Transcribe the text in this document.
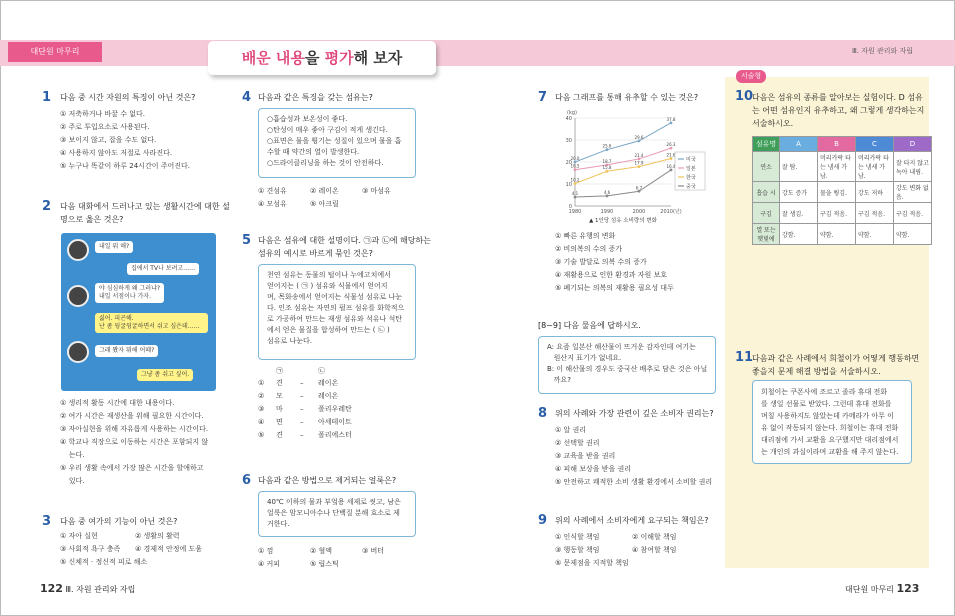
대단원 마무리	배운 내용을 평가해 보자	Ⅲ. 자원 관리와 자립
1 다음 중 시간 자원의 특징이 아닌 것은?
① 저축하거나 바꿀 수 없다.
② 주로 투입요소로 사용된다.
③ 보이지 않고, 잡을 수도 없다.
④ 사용하지 않아도 저절로 사라진다.
⑤ 누구나 똑같이 하루 24시간이 주어진다.
2 다음 대화에서 드러나고 있는 생활시간에 대한 설
명으로 옳은 것은?
내일 뭐 해?
집에서 TV나 보려고……
야 심심하게 왜 그러냐?
내일 서점이나 가자.
싫어. 피곤해.
난 좀 뒹굴뒹굴하면서 쉬고 싶은데……
그래 봤자 뭐해 어때?
그냥 좀 쉬고 싶어.
① 생리적 활동 시간에 대한 내용이다.
② 여가 시간은 재생산을 위해 필요한 시간이다.
③ 자아실현을 위해 자유롭게 사용하는 시간이다.
④ 학교나 직장으로 이동하는 시간은 포함되지 않
는다.
⑤ 우리 생활 속에서 가장 많은 시간을 할애하고
있다.
3 다음 중 여가의 기능이 아닌 것은?
① 자아 실현	② 생활의 활력
③ 사회적 욕구 충족 ④ 경제적 안정에 도움
⑤ 신체적 · 정신적 피로 해소
4 다음과 같은 특징을 갖는 섬유는?
○흡습성과 보온성이 좋다.
○탄성이 매우 좋아 구김이 적게 생긴다.
○표면은 물을 튕기는 성질이 있으며 물을 흡
수할 때 약간의 열이 발생한다.
○드라이클리닝을 하는 것이 안전하다.
① 견섬유	② 레이온	③ 마섬유
④ 모섬유	⑤ 아크릴
5 다음은 섬유에 대한 설명이다. ㉠과 ㉡에 해당하는
섬유의 예시로 바르게 묶인 것은?
천연 섬유는 동물의 털이나 누에고치에서
얻어지는 ( ㉠ ) 섬유와 식물에서 얻어지
며, 목화송에서 얻어지는 식물성 섬유로 나눈
다. 인조 섬유는 자연의 펄프 섬유를 화학적으
로 가공하여 만드는 재생 섬유와 석유나 석탄
에서 얻은 물질을 합성하여 만드는 ( ㉡ )
섬유로 나눈다.
㉠	㉡
① 견	레이온
–
② 모	레이온
–
③ 마	폴리우레탄
–
④ 면	아세테이트
–
⑤ 견	폴리에스터
–
6 다음과 같은 방법으로 제거되는 얼룩은?
40℃ 이하의 물과 부엌용 세제로 씻고, 남은
얼룩은 암모니아수나 단백질 분해 효소로 제
거한다.
① 껌	② 혈액	③ 버터
④ 커피	⑤ 립스틱
7 다음 그래프를 통해 유추할 수 있는 것은?
0
10
20
30
40
(kg)
1980	1990	2000	2010(년)
20.0
25.6
29.6
37.8
16.5
18.7
21.4
26.3
10.2
15.8
17.9
21.6
4.1	4.6
6.7
16.4
미국
일본
한국
중국
▲ 1인당 섬유 소비량의 변화
① 빠른 유행의 변화
② 비의복의 수의 증가
③ 기술 발달로 의복 수의 증가
④ 재활용으로 인한 환경과 자원 보호
⑤ 폐기되는 의복의 재활용 필요성 대두
[8~9] 다음 물음에 답하시오.
A: 요즘 일본산 해산물이 뜨거운 감자인데 여기는
원산지 표기가 없네요.
B: 이 해산물의 경우도 중국산 배추로 담은 것은 아닐
까요?
8 위의 사례와 가장 관련이 깊은 소비자 권리는?
① 알 권리
② 선택할 권리
③ 교육을 받을 권리
④ 피해 보상을 받을 권리
⑤ 안전하고 쾌적한 소비 생활 환경에서 소비할 권리
9 위의 사례에서 소비자에게 요구되는 책임은?
① 인식할 책임	② 이해할 책임
③ 행동할 책임	④ 참여할 책임
⑤ 문제점을 지적할 책임
서술형
10
다음은 섬유의 종류를 알아보는 실험이다. D 섬유
는 어떤 섬유인지 유추하고, 왜 그렇게 생각하는지
서술하시오.
섬유명	A	B	C	D
연소	잘 탐.	머리카락 타는 냄새 가 남.	머리카락 타는 냄새 가 남.	잘 타지 않고 녹아 내림.
흡습 시	강도 증가	물을 튕김.	강도 저하	강도 변화 없음.
구김	잘 생김.	구김 적음.	구김 적음.	구김 적음.
열 또는 햇빛에	강함.	약함.	약함.	약함.
11
다음과 같은 사례에서 희철이가 어떻게 행동하면
좋을지 문제 해결 방법을 서술하시오.
희철이는 쿠폰사에 조르고 졸라 휴대 전화
를 생일 선물로 받았다. 그런데 휴대 전화를
며칠 사용하지도 않았는데 카메라가 아무 이
유 없이 작동되지 않는다. 희철이는 휴대 전화
대리점에 가서 교환을 요구했지만 대리점에서
는 개인의 과실이라며 교환을 해 주지 않는다.
122 Ⅲ. 자원 관리와 자립	대단원 마무리 123
